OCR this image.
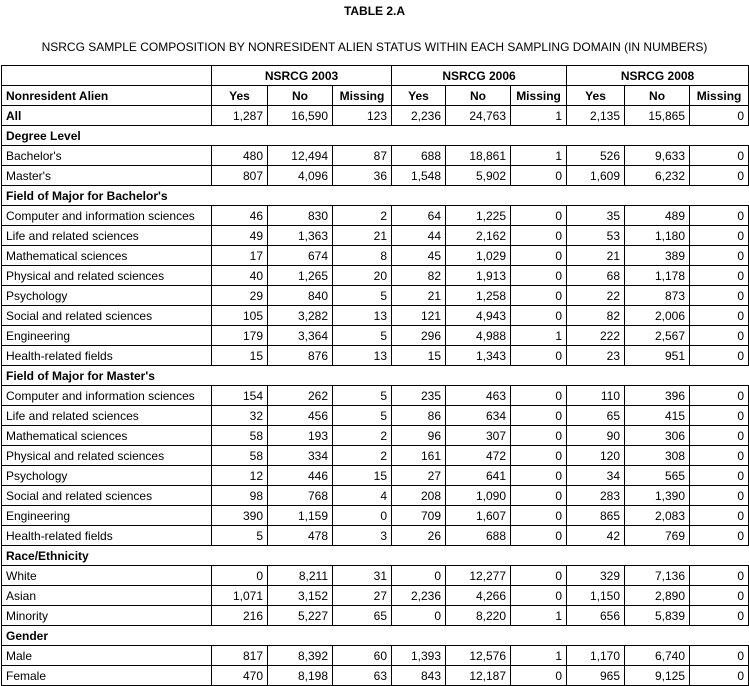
TABLE 2.A
NSRCG SAMPLE COMPOSITION BY NONRESIDENT ALIEN STATUS WITHIN EACH SAMPLING DOMAIN (IN NUMBERS)
	NSRCG 2003			NSRCG 2006			NSRCG 2008		
Nonresident Alien	Yes	No	Missing	Yes	No	Missing	Yes	No	Missing
All	1,287	16,590	123	2,236	24,763	1	2,135	15,865	0
Degree Level									
Bachelor's	480	12,494	87	688	18,861	1	526	9,633	0
Master's	807	4,096	36	1,548	5,902	0	1,609	6,232	0
Field of Major for Bachelor's									
Computer and information sciences	46	830	2	64	1,225	0	35	489	0
Life and related sciences	49	1,363	21	44	2,162	0	53	1,180	0
Mathematical sciences	17	674	8	45	1,029	0	21	389	0
Physical and related sciences	40	1,265	20	82	1,913	0	68	1,178	0
Psychology	29	840	5	21	1,258	0	22	873	0
Social and related sciences	105	3,282	13	121	4,943	0	82	2,006	0
Engineering	179	3,364	5	296	4,988	1	222	2,567	0
Health-related fields	15	876	13	15	1,343	0	23	951	0
Field of Major for Master's									
Computer and information sciences	154	262	5	235	463	0	110	396	0
Life and related sciences	32	456	5	86	634	0	65	415	0
Mathematical sciences	58	193	2	96	307	0	90	306	0
Physical and related sciences	58	334	2	161	472	0	120	308	0
Psychology	12	446	15	27	641	0	34	565	0
Social and related sciences	98	768	4	208	1,090	0	283	1,390	0
Engineering	390	1,159	0	709	1,607	0	865	2,083	0
Health-related fields	5	478	3	26	688	0	42	769	0
Race/Ethnicity									
White	0	8,211	31	0	12,277	0	329	7,136	0
Asian	1,071	3,152	27	2,236	4,266	0	1,150	2,890	0
Minority	216	5,227	65	0	8,220	1	656	5,839	0
Gender									
Male	817	8,392	60	1,393	12,576	1	1,170	6,740	0
Female	470	8,198	63	843	12,187	0	965	9,125	0
